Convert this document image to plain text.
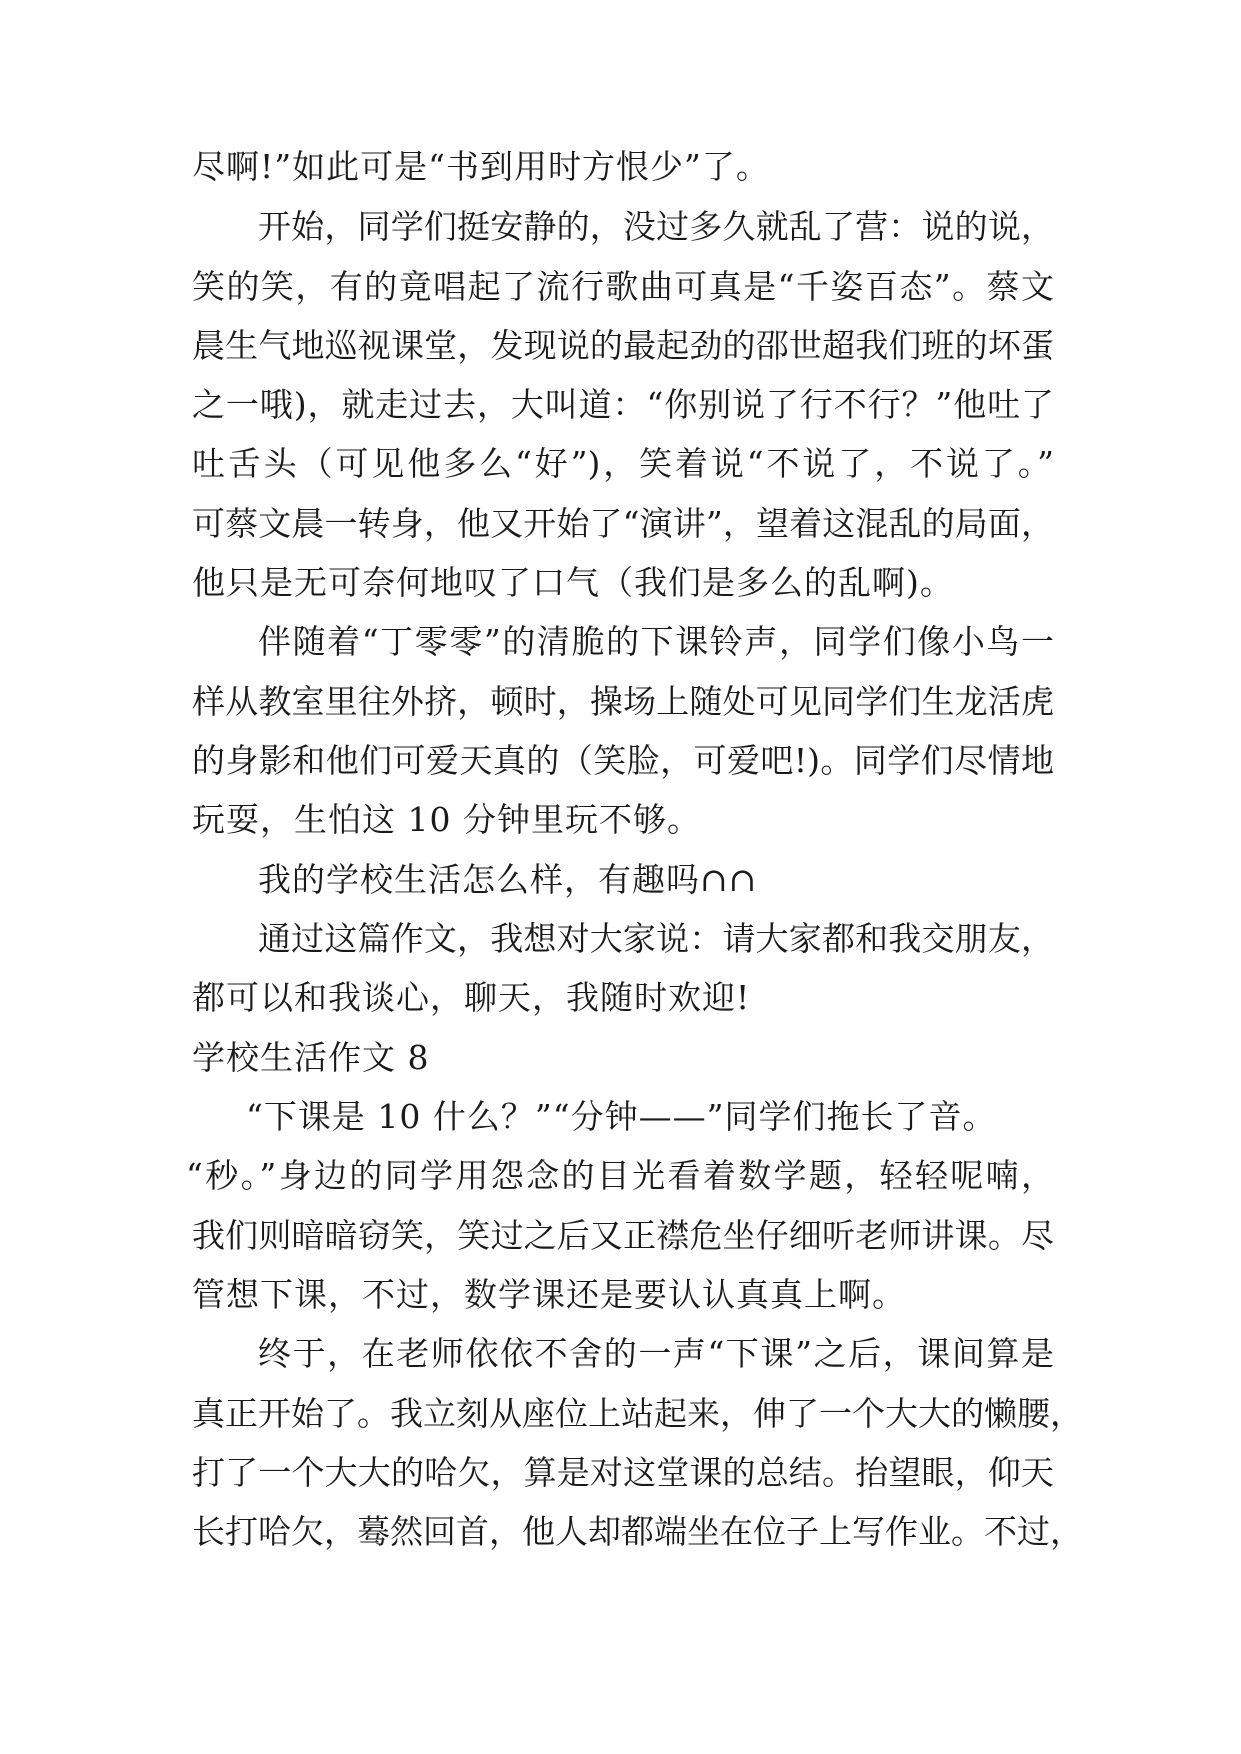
尽啊!”如此可是“书到用时方恨少”了。
开始，同学们挺安静的，没过多久就乱了营：说的说，
笑的笑，有的竟唱起了流行歌曲可真是“千姿百态”。蔡文
晨生气地巡视课堂，发现说的最起劲的邵世超我们班的坏蛋
之一哦)，就走过去，大叫道：“你别说了行不行？”他吐了
吐舌头（可见他多么“好”)，笑着说“不说了，不说了。”
可蔡文晨一转身，他又开始了“演讲”，望着这混乱的局面，
他只是无可奈何地叹了口气（我们是多么的乱啊)。
伴随着“丁零零”的清脆的下课铃声，同学们像小鸟一
样从教室里往外挤，顿时，操场上随处可见同学们生龙活虎
的身影和他们可爱天真的（笑脸，可爱吧!)。同学们尽情地
玩耍，生怕这 10 分钟里玩不够。
我的学校生活怎么样，有趣吗∩∩
通过这篇作文，我想对大家说：请大家都和我交朋友，
都可以和我谈心，聊天，我随时欢迎!
学校生活作文 8
“下课是 10 什么？”“分钟——”同学们拖长了音。
“秒。”身边的同学用怨念的目光看着数学题，轻轻呢喃，
我们则暗暗窃笑，笑过之后又正襟危坐仔细听老师讲课。尽
管想下课，不过，数学课还是要认认真真上啊。
终于，在老师依依不舍的一声“下课”之后，课间算是
真正开始了。我立刻从座位上站起来，伸了一个大大的懒腰，
打了一个大大的哈欠，算是对这堂课的总结。抬望眼，仰天
长打哈欠，蓦然回首，他人却都端坐在位子上写作业。不过，
